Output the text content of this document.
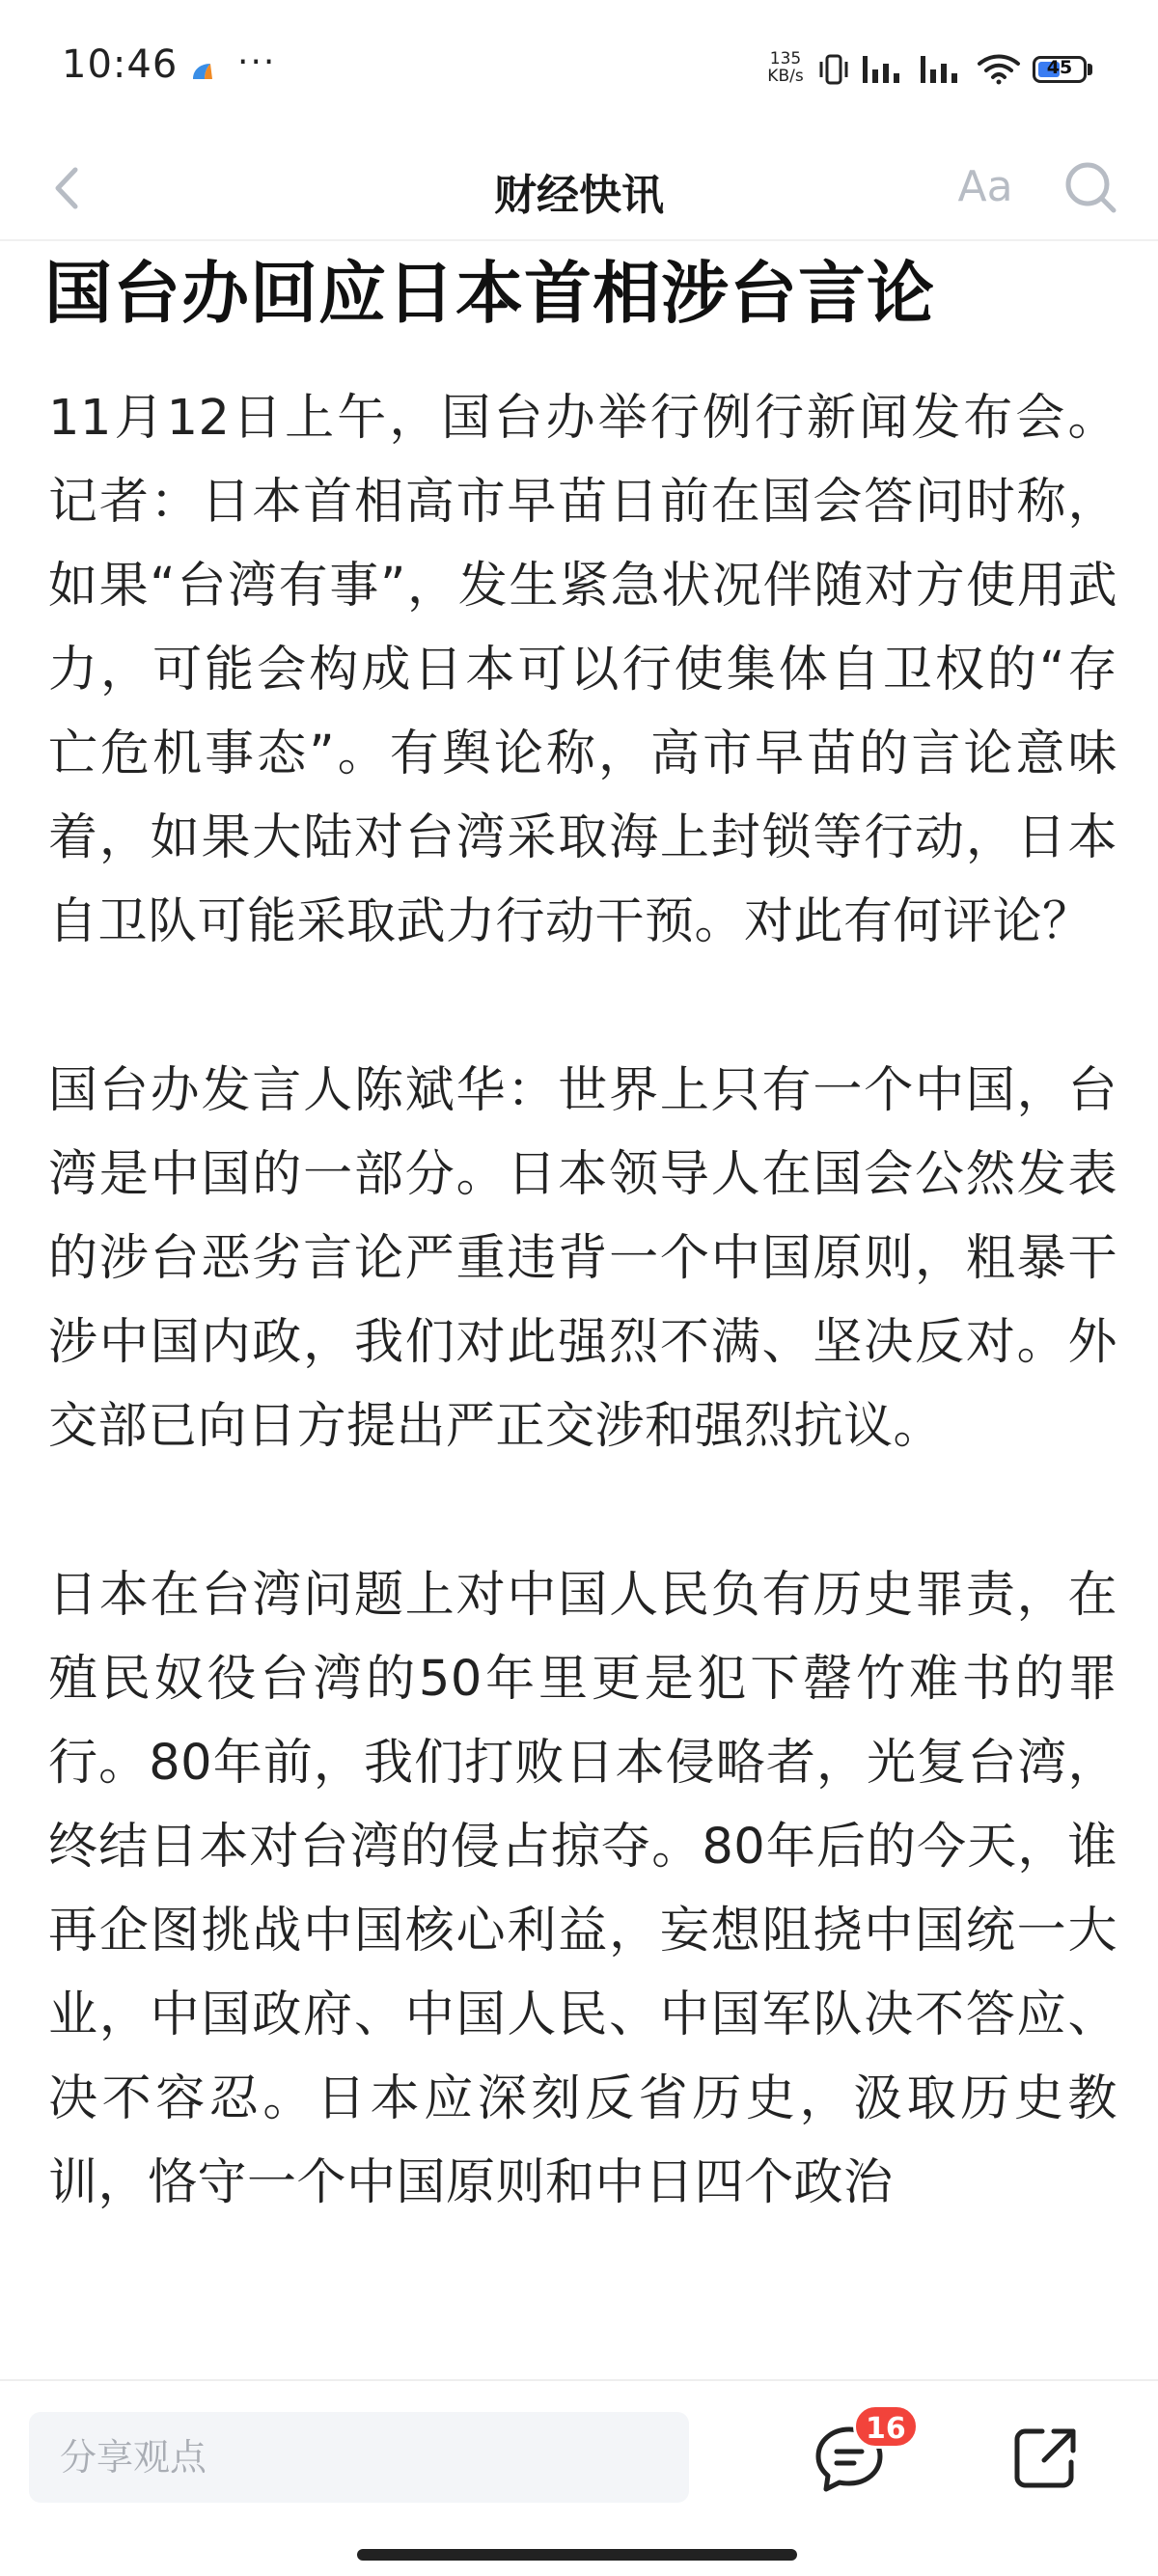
10:46 ···	135
KB/s	45
财经快讯	Aa
国台办回应日本首相涉台言论

11月12日上午，国台办举行例行新闻发布会。记者：日本首相高市早苗日前在国会答问时称，如果“台湾有事”，发生紧急状况伴随对方使用武力，可能会构成日本可以行使集体自卫权的“存亡危机事态”。有舆论称，高市早苗的言论意味着，如果大陆对台湾采取海上封锁等行动，日本自卫队可能采取武力行动干预。对此有何评论？

国台办发言人陈斌华：世界上只有一个中国，台湾是中国的一部分。日本领导人在国会公然发表的涉台恶劣言论严重违背一个中国原则，粗暴干涉中国内政，我们对此强烈不满、坚决反对。外交部已向日方提出严正交涉和强烈抗议。

日本在台湾问题上对中国人民负有历史罪责，在殖民奴役台湾的50年里更是犯下罄竹难书的罪行。80年前，我们打败日本侵略者，光复台湾，终结日本对台湾的侵占掠夺。80年后的今天，谁再企图挑战中国核心利益，妄想阻挠中国统一大业，中国政府、中国人民、中国军队决不答应、决不容忍。日本应深刻反省历史，汲取历史教训，恪守一个中国原则和中日四个政治

分享观点
16
